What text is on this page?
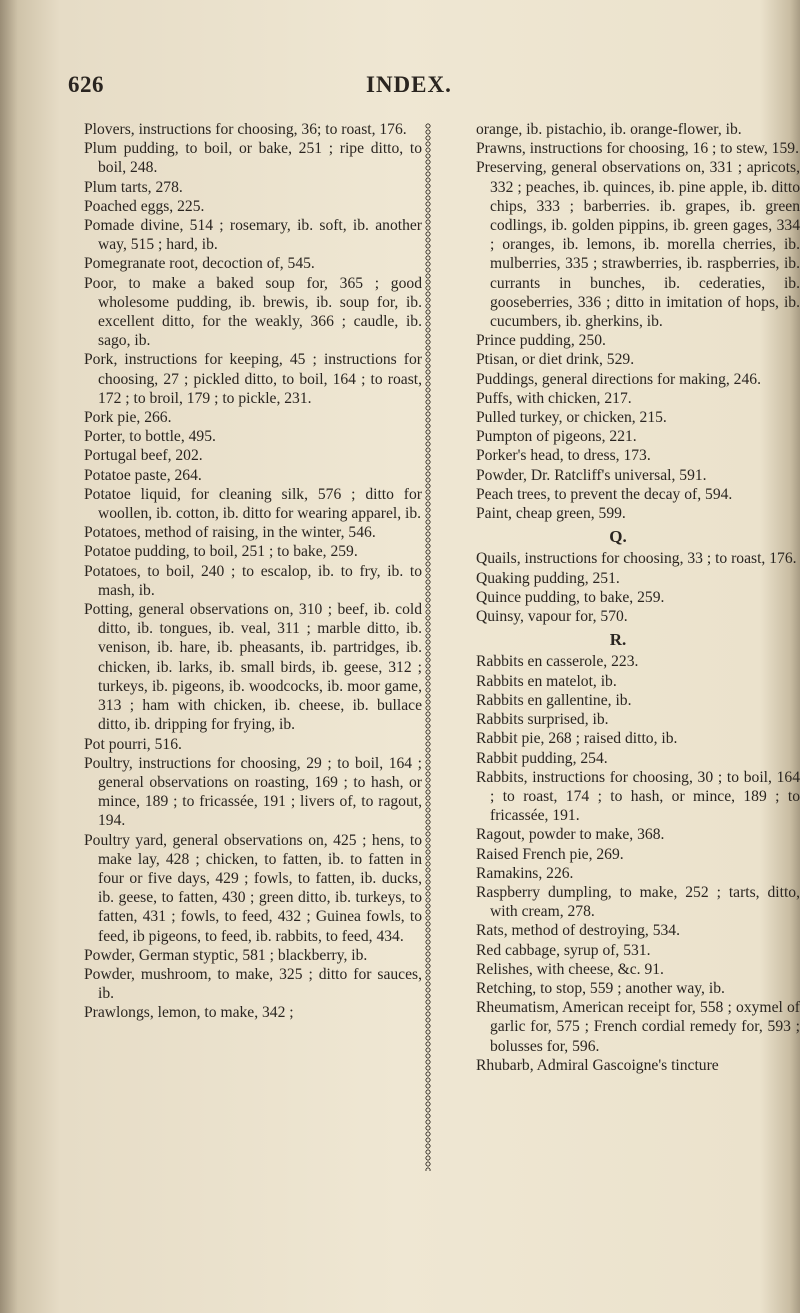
626	INDEX.

Plovers, instructions for choosing, 36; to roast, 176.

Plum pudding, to boil, or bake, 251 ; ripe ditto, to boil, 248.

Plum tarts, 278.

Poached eggs, 225.

Pomade divine, 514 ; rosemary, ib. soft, ib. another way, 515 ; hard, ib.

Pomegranate root, decoction of, 545.

Poor, to make a baked soup for, 365 ; good wholesome pudding, ib. brewis, ib. soup for, ib. excellent ditto, for the weakly, 366 ; caudle, ib. sago, ib.

Pork, instructions for keeping, 45 ; instructions for choosing, 27 ; pickled ditto, to boil, 164 ; to roast, 172 ; to broil, 179 ; to pickle, 231.

Pork pie, 266.

Porter, to bottle, 495.

Portugal beef, 202.

Potatoe paste, 264.

Potatoe liquid, for cleaning silk, 576 ; ditto for woollen, ib. cotton, ib. ditto for wearing apparel, ib.

Potatoes, method of raising, in the winter, 546.

Potatoe pudding, to boil, 251 ; to bake, 259.

Potatoes, to boil, 240 ; to escalop, ib. to fry, ib. to mash, ib.

Potting, general observations on, 310 ; beef, ib. cold ditto, ib. tongues, ib. veal, 311 ; marble ditto, ib. venison, ib. hare, ib. pheasants, ib. partridges, ib. chicken, ib. larks, ib. small birds, ib. geese, 312 ; turkeys, ib. pigeons, ib. woodcocks, ib. moor game, 313 ; ham with chicken, ib. cheese, ib. bullace ditto, ib. dripping for frying, ib.

Pot pourri, 516.

Poultry, instructions for choosing, 29 ; to boil, 164 ; general observations on roasting, 169 ; to hash, or mince, 189 ; to fricassée, 191 ; livers of, to ragout, 194.

Poultry yard, general observations on, 425 ; hens, to make lay, 428 ; chicken, to fatten, ib. to fatten in four or five days, 429 ; fowls, to fatten, ib. ducks, ib. geese, to fatten, 430 ; green ditto, ib. turkeys, to fatten, 431 ; fowls, to feed, 432 ; Guinea fowls, to feed, ib pigeons, to feed, ib. rabbits, to feed, 434.

Powder, German styptic, 581 ; blackberry, ib.

Powder, mushroom, to make, 325 ; ditto for sauces, ib.

Prawlongs, lemon, to make, 342 ;

orange, ib. pistachio, ib. orange-flower, ib.

Prawns, instructions for choosing, 16 ; to stew, 159.

Preserving, general observations on, 331 ; apricots, 332 ; peaches, ib. quinces, ib. pine apple, ib. ditto chips, 333 ; barberries. ib. grapes, ib. green codlings, ib. golden pippins, ib. green gages, 334 ; oranges, ib. lemons, ib. morella cherries, ib. mulberries, 335 ; strawberries, ib. raspberries, ib. currants in bunches, ib. cederaties, ib. gooseberries, 336 ; ditto in imitation of hops, ib. cucumbers, ib. gherkins, ib.

Prince pudding, 250.

Ptisan, or diet drink, 529.

Puddings, general directions for making, 246.

Puffs, with chicken, 217.

Pulled turkey, or chicken, 215.

Pumpton of pigeons, 221.

Porker's head, to dress, 173.

Powder, Dr. Ratcliff's universal, 591.

Peach trees, to prevent the decay of, 594.

Paint, cheap green, 599.

Q.

Quails, instructions for choosing, 33 ; to roast, 176.

Quaking pudding, 251.

Quince pudding, to bake, 259.

Quinsy, vapour for, 570.

R.

Rabbits en casserole, 223.

Rabbits en matelot, ib.

Rabbits en gallentine, ib.

Rabbits surprised, ib.

Rabbit pie, 268 ; raised ditto, ib.

Rabbit pudding, 254.

Rabbits, instructions for choosing, 30 ; to boil, 164 ; to roast, 174 ; to hash, or mince, 189 ; to fricassée, 191.

Ragout, powder to make, 368.

Raised French pie, 269.

Ramakins, 226.

Raspberry dumpling, to make, 252 ; tarts, ditto, with cream, 278.

Rats, method of destroying, 534.

Red cabbage, syrup of, 531.

Relishes, with cheese, &c. 91.

Retching, to stop, 559 ; another way, ib.

Rheumatism, American receipt for, 558 ; oxymel of garlic for, 575 ; French cordial remedy for, 593 ; bolusses for, 596.

Rhubarb, Admiral Gascoigne's tincture
